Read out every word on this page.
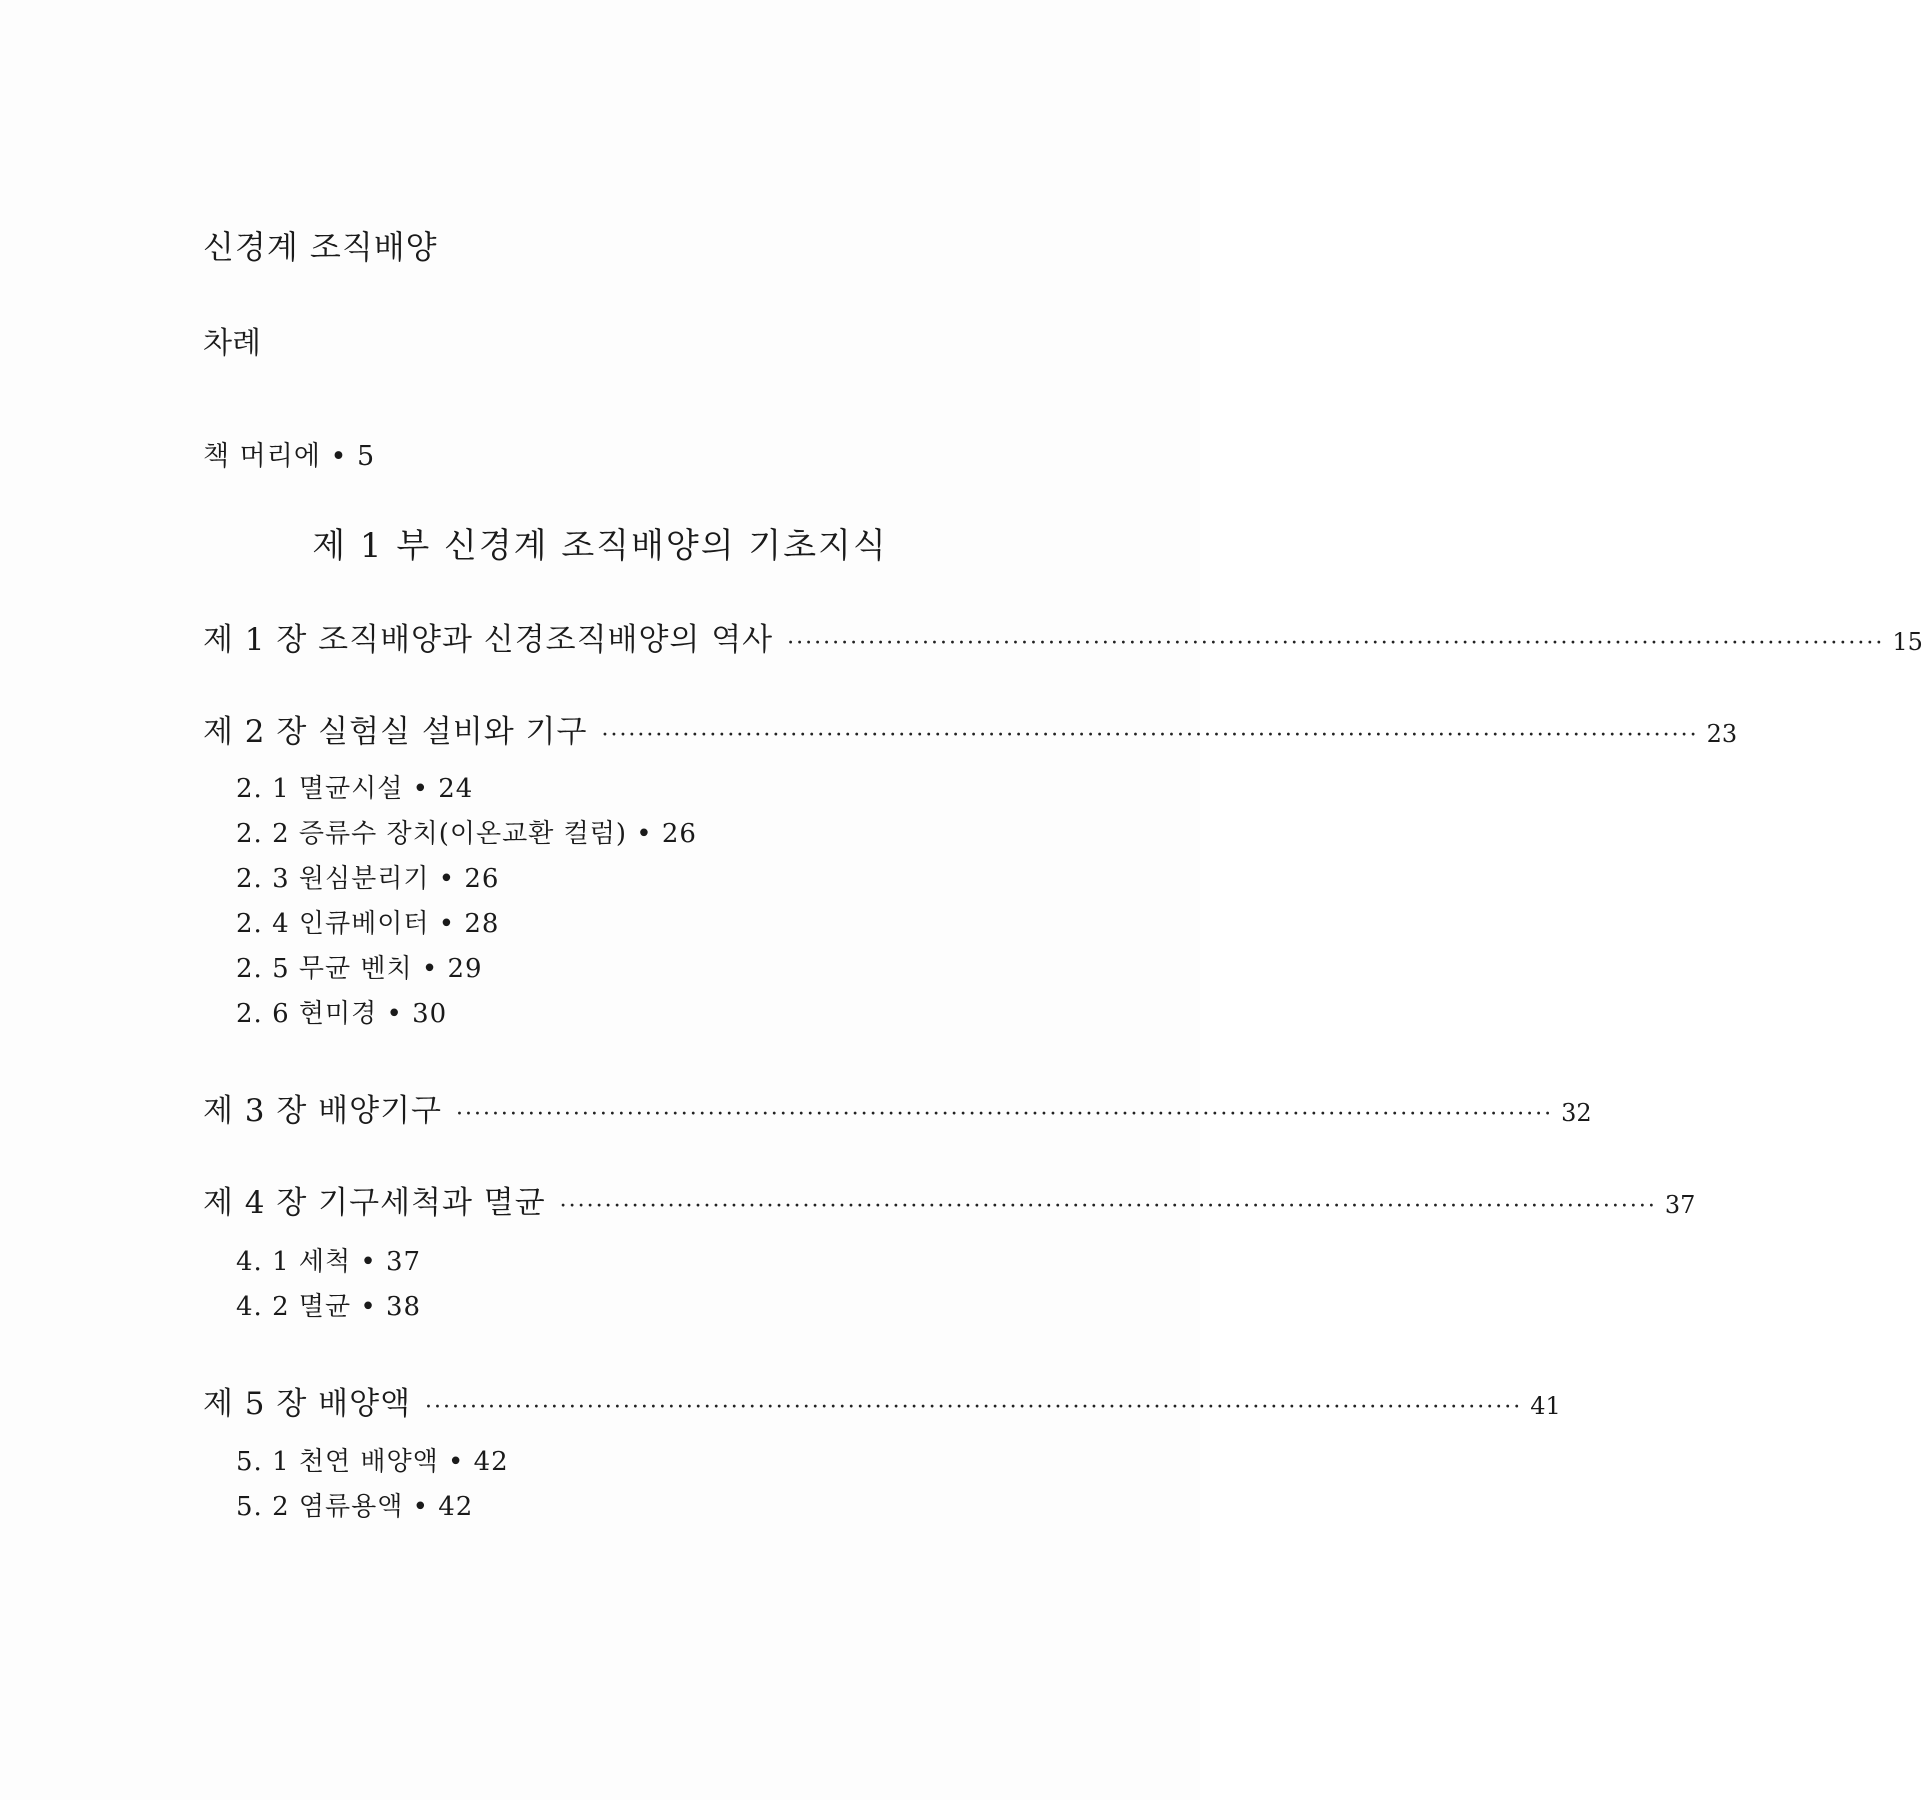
신경계 조직배양
차례
책 머리에 • 5
제 1 부 신경계 조직배양의 기초지식
제 1 장 조직배양과 신경조직배양의 역사 ·························································································································· 15
제 2 장 실험실 설비와 기구 ·························································································································· 23
2. 1 멸균시설 • 24
2. 2 증류수 장치(이온교환 컬럼) • 26
2. 3 원심분리기 • 26
2. 4 인큐베이터 • 28
2. 5 무균 벤치 • 29
2. 6 현미경 • 30
제 3 장 배양기구 ·························································································································· 32
제 4 장 기구세척과 멸균 ·························································································································· 37
4. 1 세척 • 37
4. 2 멸균 • 38
제 5 장 배양액 ·························································································································· 41
5. 1 천연 배양액 • 42
5. 2 염류용액 • 42
